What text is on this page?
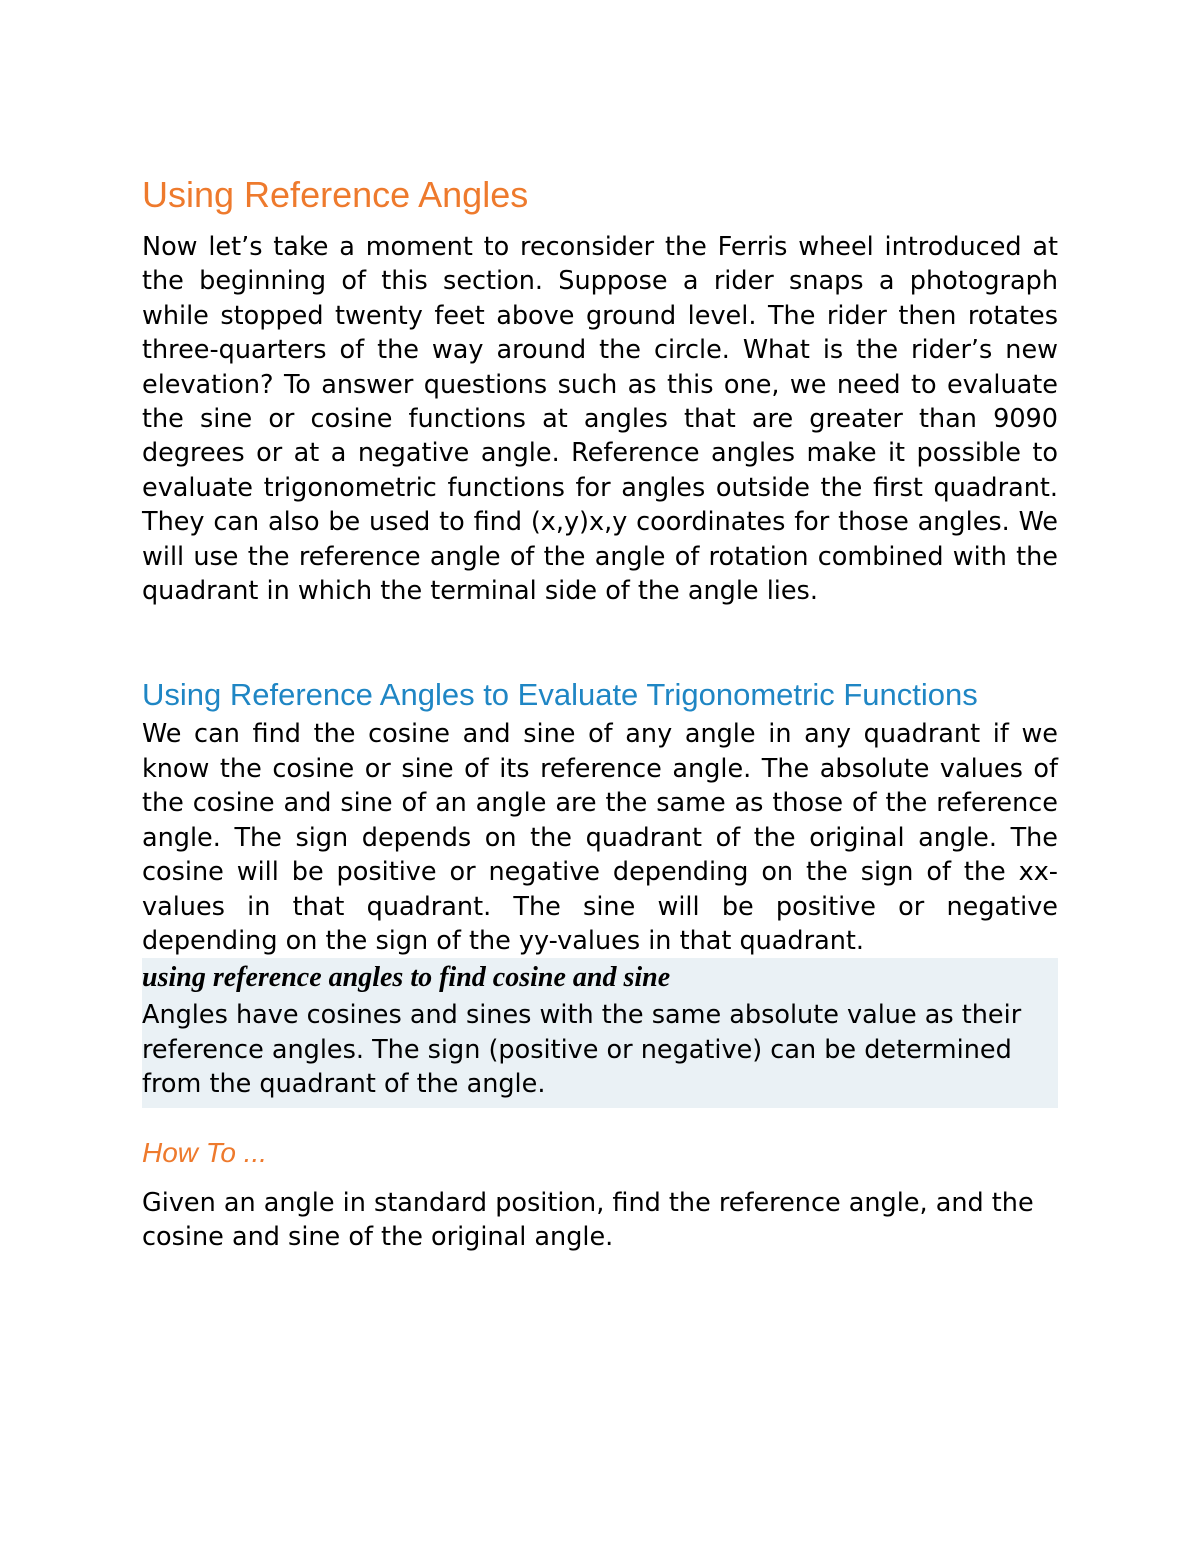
Using Reference Angles

Now let’s take a moment to reconsider the Ferris wheel introduced at the beginning of this section. Suppose a rider snaps a photograph while stopped twenty feet above ground level. The rider then rotates three-quarters of the way around the circle. What is the rider’s new elevation? To answer questions such as this one, we need to evaluate the sine or cosine functions at angles that are greater than 9090 degrees or at a negative angle. Reference angles make it possible to evaluate trigonometric functions for angles outside the first quadrant. They can also be used to find (x,y)x,y coordinates for those angles. We will use the reference angle of the angle of rotation combined with the quadrant in which the terminal side of the angle lies.

Using Reference Angles to Evaluate Trigonometric Functions

We can find the cosine and sine of any angle in any quadrant if we know the cosine or sine of its reference angle. The absolute values of the cosine and sine of an angle are the same as those of the reference angle. The sign depends on the quadrant of the original angle. The cosine will be positive or negative depending on the sign of the xx-values in that quadrant. The sine will be positive or negative depending on the sign of the yy-values in that quadrant.

using reference angles to find cosine and sine

Angles have cosines and sines with the same absolute value as their reference angles. The sign (positive or negative) can be determined from the quadrant of the angle.

How To ...

Given an angle in standard position, find the reference angle, and the cosine and sine of the original angle.
